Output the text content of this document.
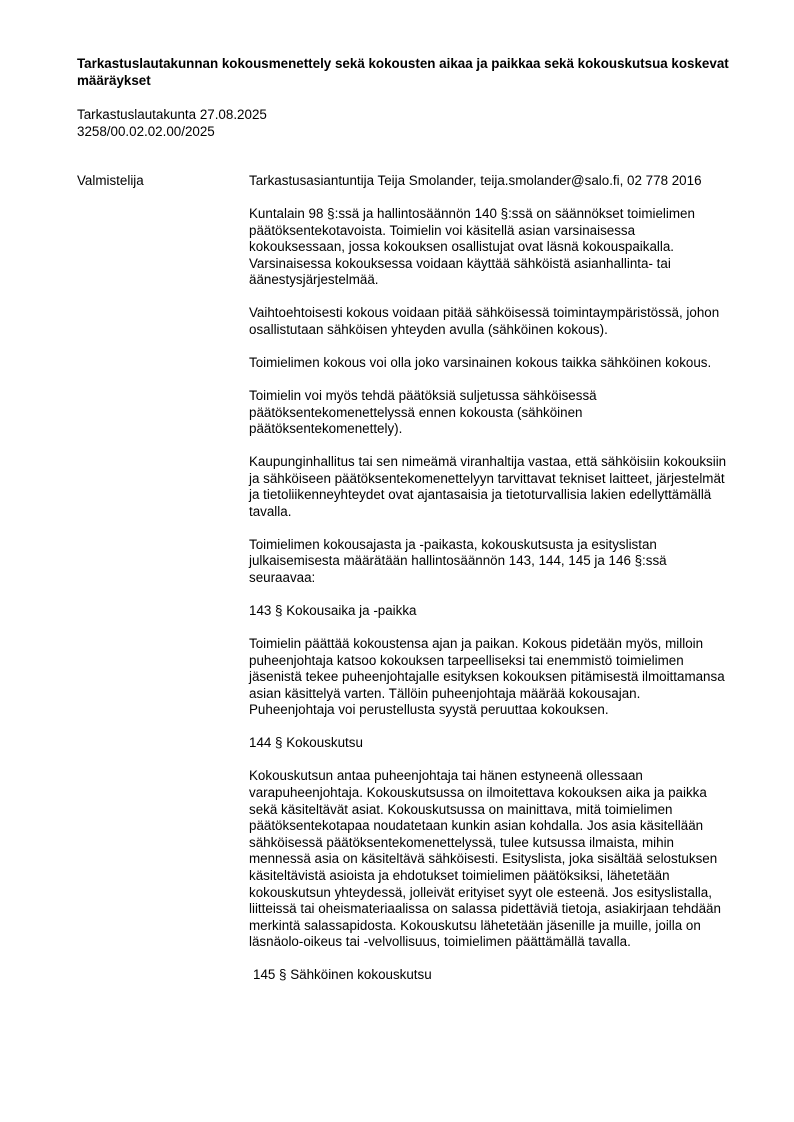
Tarkastuslautakunnan kokousmenettely sekä kokousten aikaa ja paikkaa sekä kokouskutsua koskevat määräykset
Tarkastuslautakunta 27.08.2025
3258/00.02.02.00/2025
Valmistelija	Tarkastusasiantuntija Teija Smolander, teija.smolander@salo.fi, 02 778 2016

Kuntalain 98 §:ssä ja hallintosäännön 140 §:ssä on säännökset toimielimen päätöksentekotavoista. Toimielin voi käsitellä asian varsinaisessa kokouksessaan, jossa kokouksen osallistujat ovat läsnä kokouspaikalla. Varsinaisessa kokouksessa voidaan käyttää sähköistä asianhallinta- tai äänestysjärjestelmää.

Vaihtoehtoisesti kokous voidaan pitää sähköisessä toimintaympäristössä, johon osallistutaan sähköisen yhteyden avulla (sähköinen kokous).

Toimielimen kokous voi olla joko varsinainen kokous taikka sähköinen kokous.

Toimielin voi myös tehdä päätöksiä suljetussa sähköisessä päätöksentekomenettelyssä ennen kokousta (sähköinen päätöksentekomenettely).

Kaupunginhallitus tai sen nimeämä viranhaltija vastaa, että sähköisiin kokouksiin ja sähköiseen päätöksentekomenettelyyn tarvittavat tekniset laitteet, järjestelmät ja tietoliikenneyhteydet ovat ajantasaisia ja tietoturvallisia lakien edellyttämällä tavalla.

Toimielimen kokousajasta ja -paikasta, kokouskutsusta ja esityslistan julkaisemisesta määrätään hallintosäännön 143, 144, 145 ja 146 §:ssä seuraavaa:

143 § Kokousaika ja -paikka

Toimielin päättää kokoustensa ajan ja paikan. Kokous pidetään myös, milloin puheenjohtaja katsoo kokouksen tarpeelliseksi tai enemmistö toimielimen jäsenistä tekee puheenjohtajalle esityksen kokouksen pitämisestä ilmoittamansa asian käsittelyä varten. Tällöin puheenjohtaja määrää kokousajan. Puheenjohtaja voi perustellusta syystä peruuttaa kokouksen.

144 § Kokouskutsu

Kokouskutsun antaa puheenjohtaja tai hänen estyneenä ollessaan varapuheenjohtaja. Kokouskutsussa on ilmoitettava kokouksen aika ja paikka sekä käsiteltävät asiat. Kokouskutsussa on mainittava, mitä toimielimen päätöksentekotapaa noudatetaan kunkin asian kohdalla. Jos asia käsitellään sähköisessä päätöksentekomenettelyssä, tulee kutsussa ilmaista, mihin mennessä asia on käsiteltävä sähköisesti. Esityslista, joka sisältää selostuksen käsiteltävistä asioista ja ehdotukset toimielimen päätöksiksi, lähetetään kokouskutsun yhteydessä, jolleivät erityiset syyt ole esteenä. Jos esityslistalla, liitteissä tai oheismateriaalissa on salassa pidettäviä tietoja, asiakirjaan tehdään merkintä salassapidosta. Kokouskutsu lähetetään jäsenille ja muille, joilla on läsnäolo-oikeus tai -velvollisuus, toimielimen päättämällä tavalla.

145 § Sähköinen kokouskutsu
